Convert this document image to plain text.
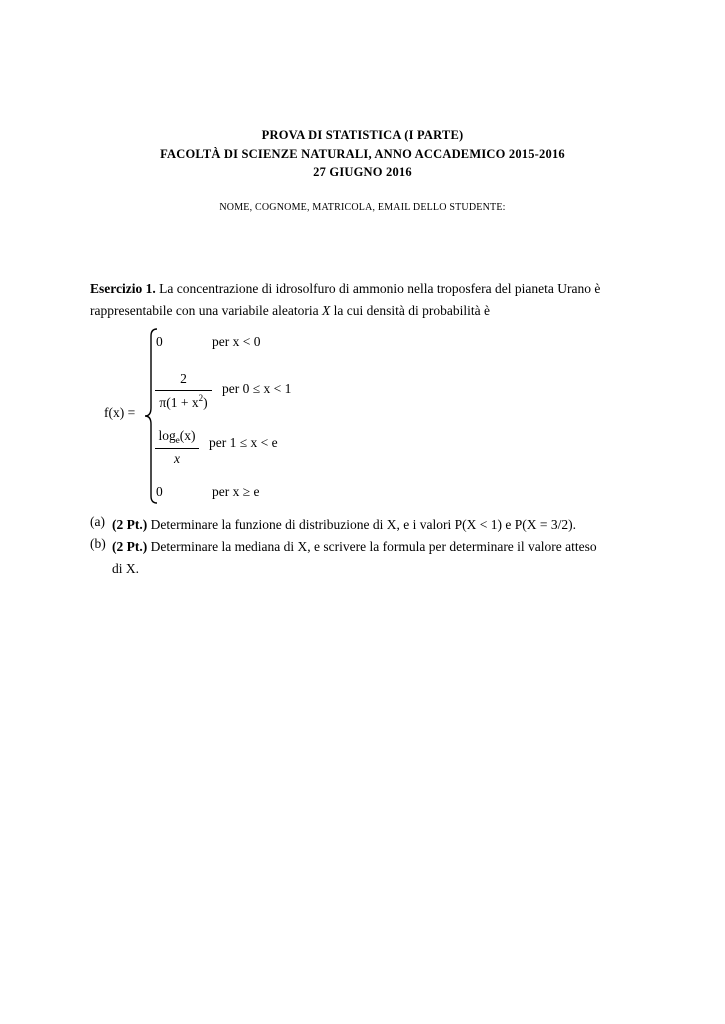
PROVA DI STATISTICA (I PARTE)
FACOLTÀ DI SCIENZE NATURALI, ANNO ACCADEMICO 2015-2016
27 GIUGNO 2016
NOME, COGNOME, MATRICOLA, EMAIL DELLO STUDENTE:
Esercizio 1. La concentrazione di idrosolfuro di ammonio nella troposfera del pianeta Urano è
rappresentabile con una variabile aleatoria X la cui densità di probabilità è
f(x) =
0	per x < 0
2
$\pi(1 + x^2)$
per 0 ≤ x < 1
$\log_e(x)$
x
per 1 ≤ x < e
0	per x ≥ e
(a) (2 Pt.) Determinare la funzione di distribuzione di X, e i valori P(X < 1) e P(X = 3/2).
(b) (2 Pt.) Determinare la mediana di X, e scrivere la formula per determinare il valore atteso
di X.
